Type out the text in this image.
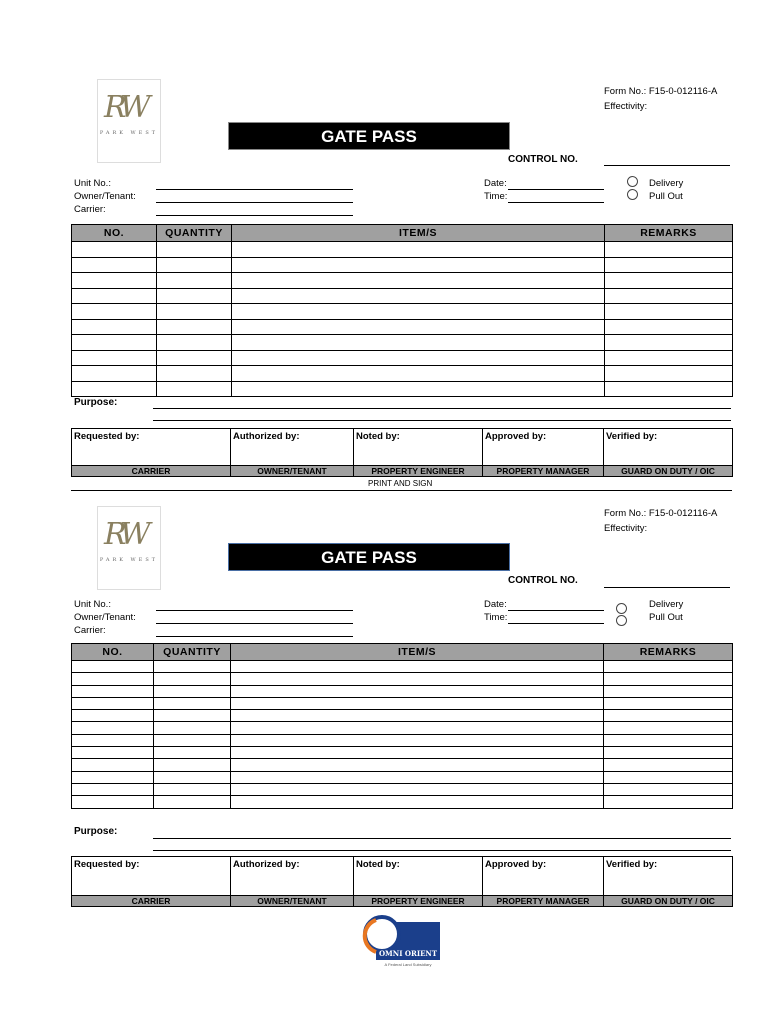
RW
PARK WEST
Form No.: F15-0-012116-A
Effectivity:
GATE PASS
CONTROL NO.
Unit No.:
Owner/Tenant:
Carrier:
Date:
Time:
Delivery
Pull Out
NO.	QUANTITY	ITEM/S	REMARKS

Purpose:
Requested by:	Authorized by:	Noted by:	Approved by:	Verified by:
CARRIER	OWNER/TENANT	PROPERTY ENGINEER	PROPERTY MANAGER	GUARD ON DUTY / OIC
PRINT AND SIGN
RW
PARK WEST
Form No.: F15-0-012116-A
Effectivity:
GATE PASS
CONTROL NO.
Unit No.:
Owner/Tenant:
Carrier:
Date:
Time:
Delivery
Pull Out
NO.	QUANTITY	ITEM/S	REMARKS

Purpose:
Requested by:	Authorized by:	Noted by:	Approved by:	Verified by:
CARRIER	OWNER/TENANT	PROPERTY ENGINEER	PROPERTY MANAGER	GUARD ON DUTY / OIC
OMNI ORIENT
A Federal Land Subsidiary
